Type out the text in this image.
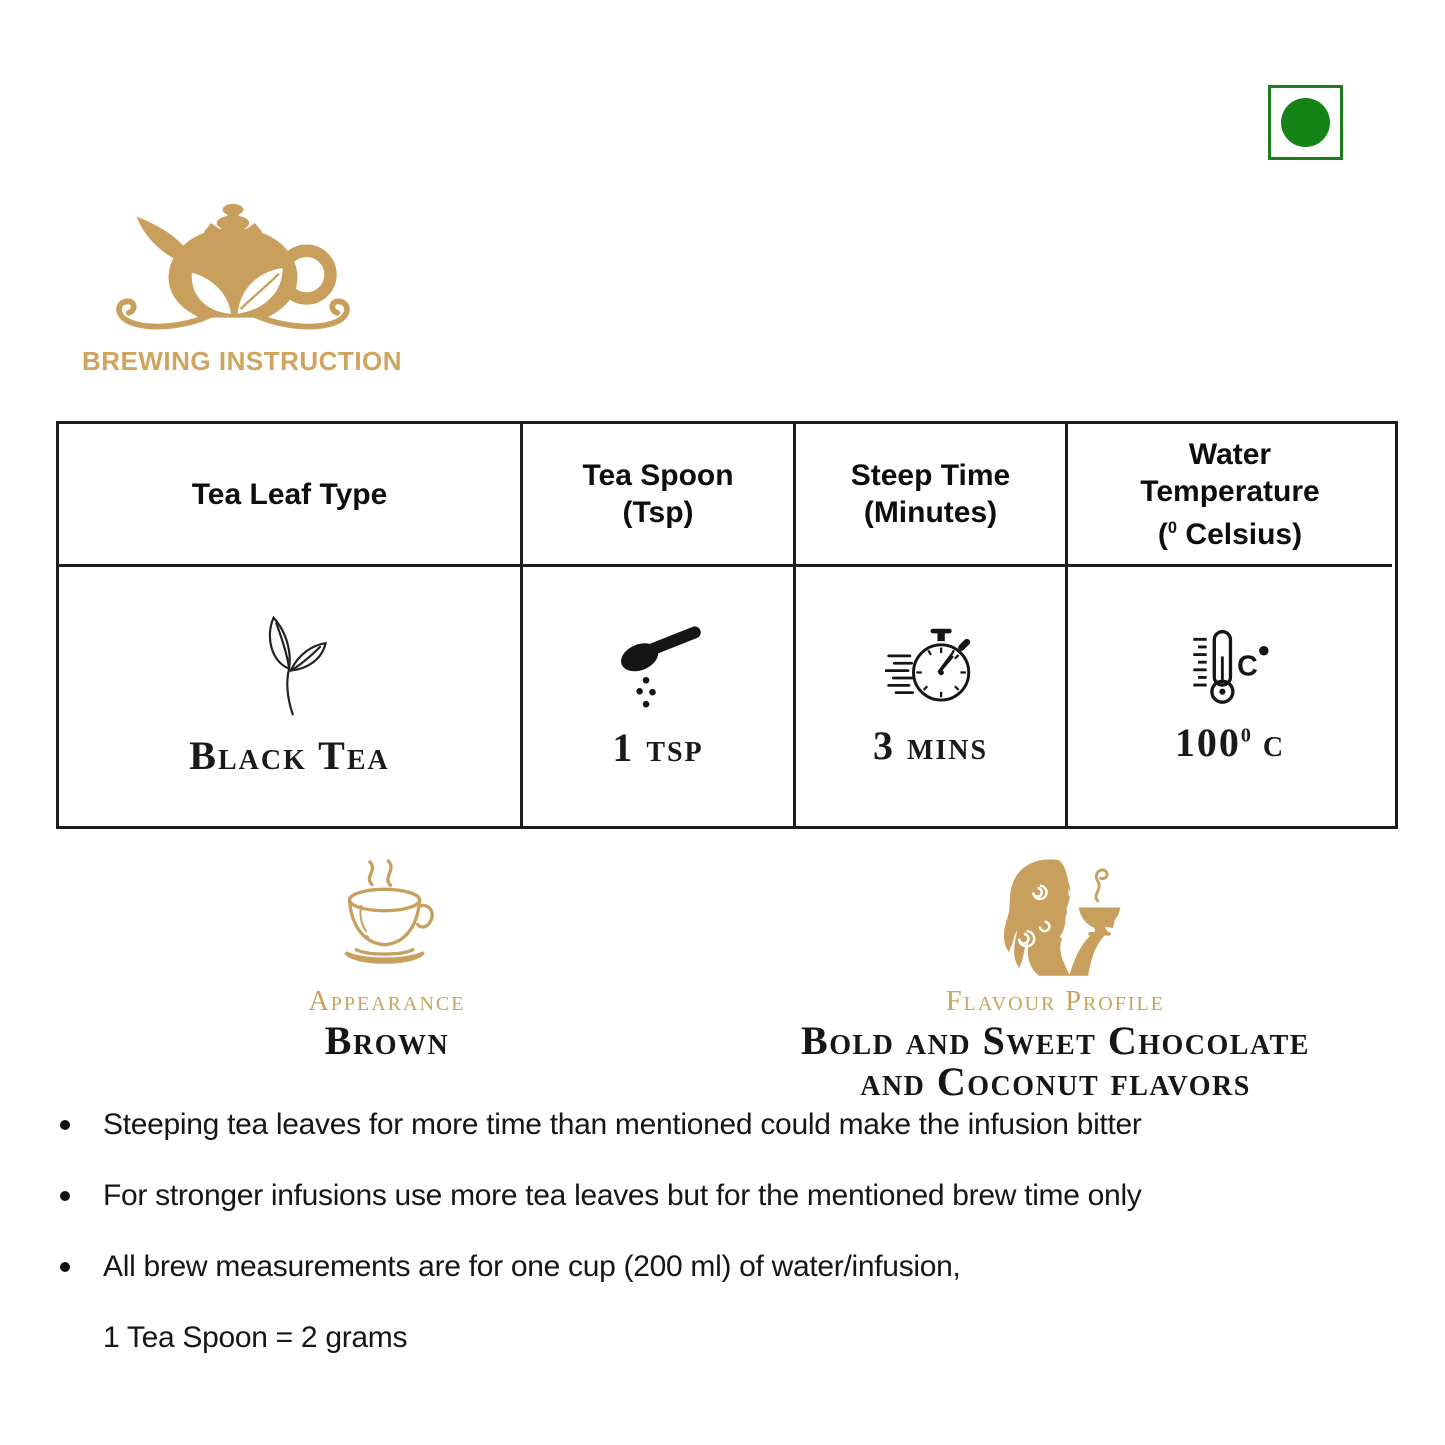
BREWING INSTRUCTION
Tea Leaf Type
Tea Spoon
(Tsp)
Steep Time
(Minutes)
Water
Temperature
($^0$ Celsius)
Black Tea	1 tsp	3 mins
C
$100^0$ c
Appearance
Brown
Flavour Profile
Bold and Sweet Chocolate
and Coconut flavors
Steeping tea leaves for more time than mentioned could make the infusion bitter
For stronger infusions use more tea leaves but for the mentioned brew time only
All brew measurements are for one cup (200 ml) of water/infusion,
1 Tea Spoon = 2 grams
